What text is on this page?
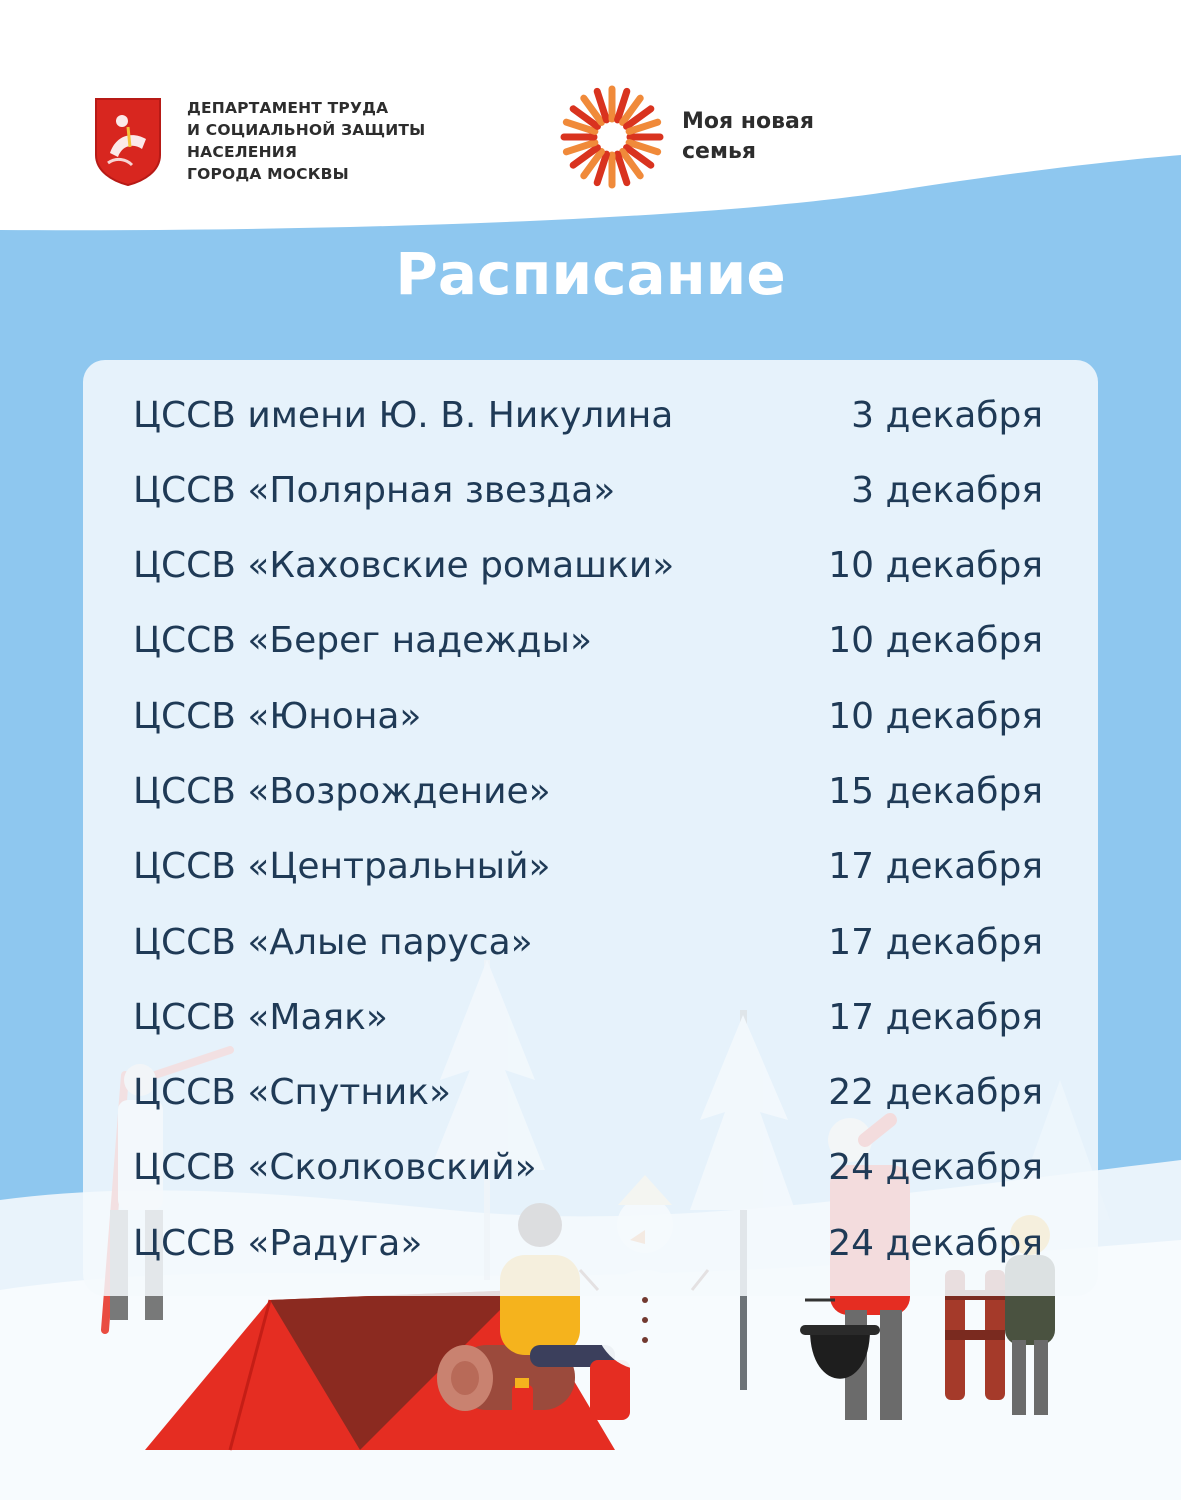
ДЕПАРТАМЕНТ ТРУДА
И СОЦИАЛЬНОЙ ЗАЩИТЫ
НАСЕЛЕНИЯ
ГОРОДА МОСКВЫ
Моя новая
семья
Расписание
ЦССВ имени Ю. В. Никулина	3 декабря
ЦССВ «Полярная звезда»	3 декабря
ЦССВ «Каховские ромашки»	10 декабря
ЦССВ «Берег надежды»	10 декабря
ЦССВ «Юнона»	10 декабря
ЦССВ «Возрождение»	15 декабря
ЦССВ «Центральный»	17 декабря
ЦССВ «Алые паруса»	17 декабря
ЦССВ «Маяк»	17 декабря
ЦССВ «Спутник»	22 декабря
ЦССВ «Сколковский»	24 декабря
ЦССВ «Радуга»	24 декабря
